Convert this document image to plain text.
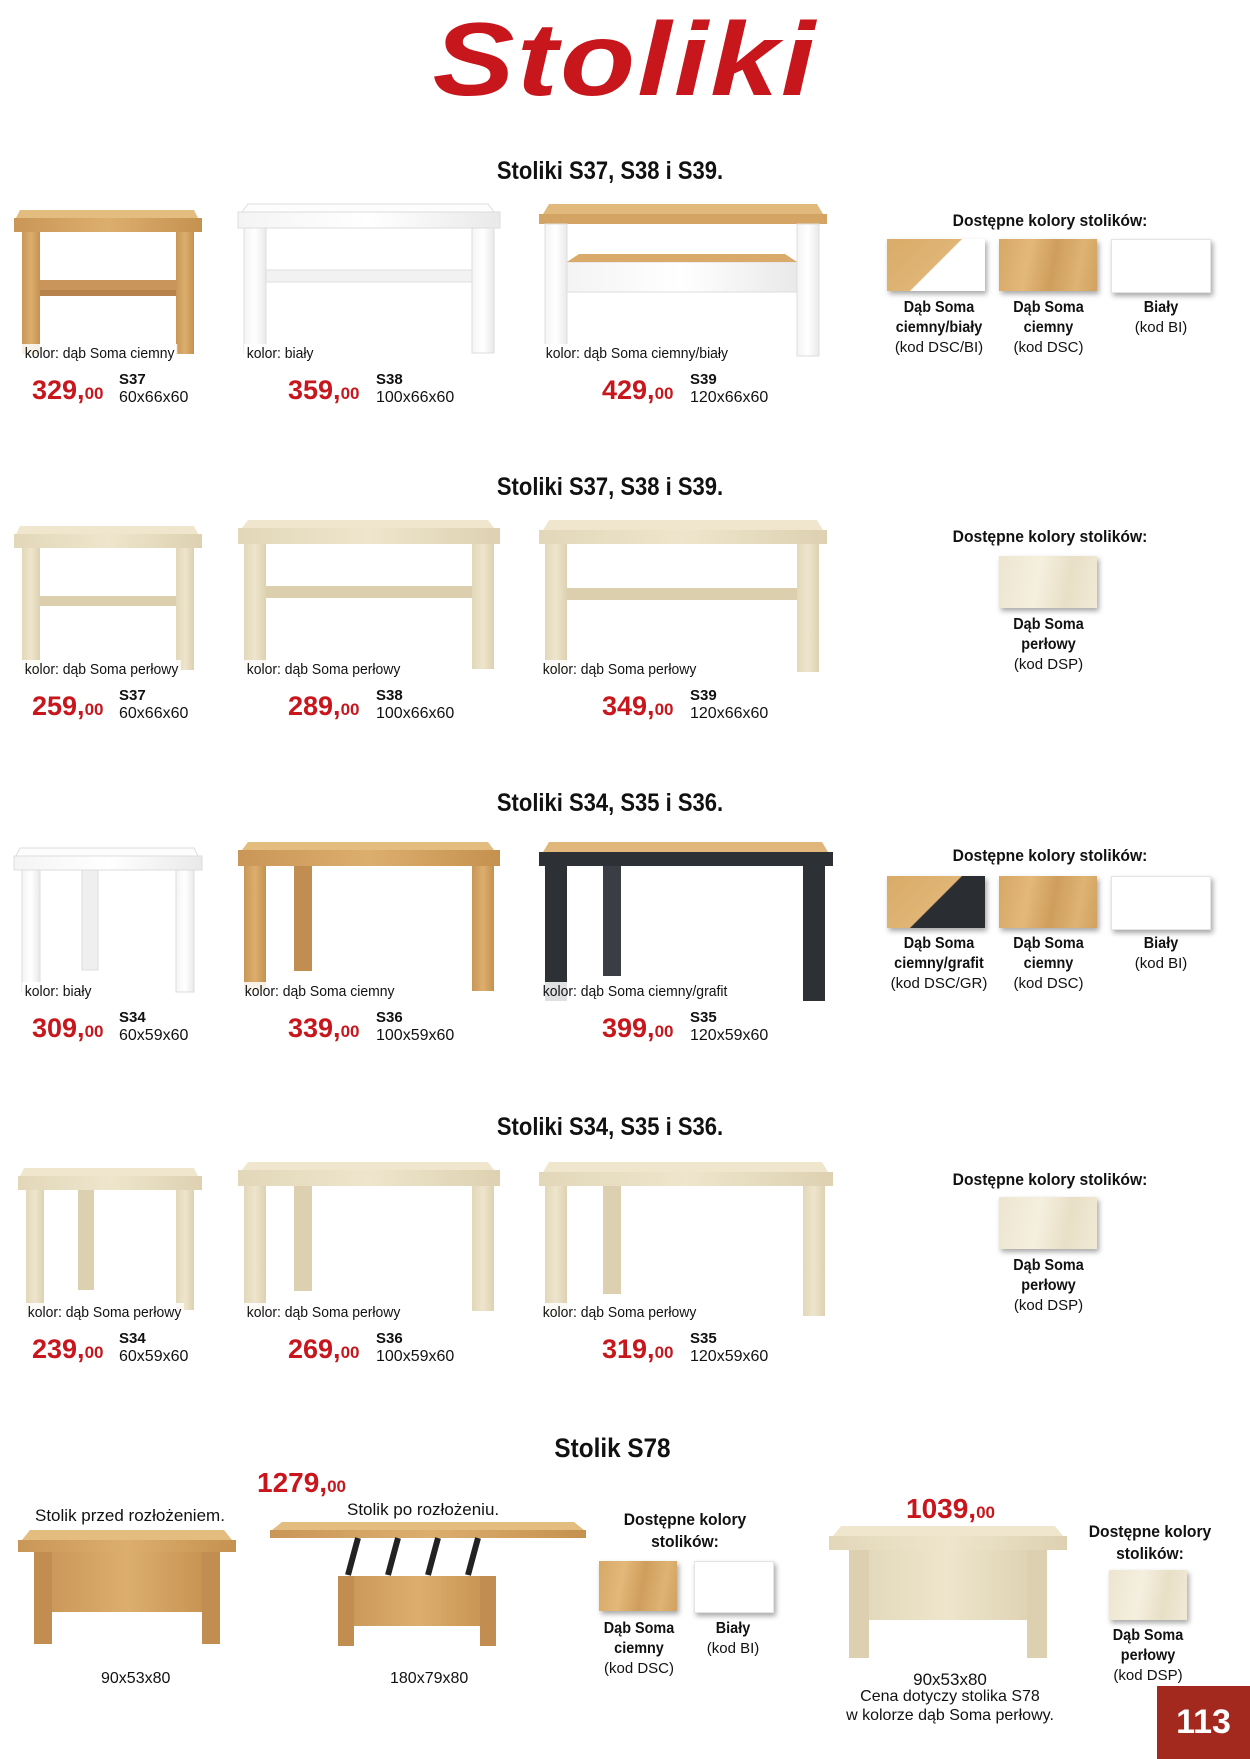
Stoliki
Stoliki S37, S38 i S39.
Dostępne kolory stolików:
Dąb Soma ciemny/biały
(kod DSC/BI)
Dąb Soma ciemny
(kod DSC)
Biały
(kod BI)
kolor: dąb Soma ciemny	kolor: biały	kolor: dąb Soma ciemny/biały
329,00
S37
60x66x60	359,00
S38
100x66x60	429,00
S39
120x66x60
Stoliki S37, S38 i S39.
Dostępne kolory stolików:
Dąb Soma perłowy
(kod DSP)
kolor: dąb Soma perłowy	kolor: dąb Soma perłowy	kolor: dąb Soma perłowy
259,00
S37
60x66x60	289,00
S38
100x66x60	349,00
S39
120x66x60
Stoliki S34, S35 i S36.
Dostępne kolory stolików:
Dąb Soma ciemny/grafit
(kod DSC/GR)
Dąb Soma ciemny
(kod DSC)
Biały
(kod BI)
kolor: biały	kolor: dąb Soma ciemny	kolor: dąb Soma ciemny/grafit
309,00
S34
60x59x60	339,00
S36
100x59x60	399,00
S35
120x59x60
Stoliki S34, S35 i S36.
Dostępne kolory stolików:
Dąb Soma perłowy
(kod DSP)
kolor: dąb Soma perłowy	kolor: dąb Soma perłowy	kolor: dąb Soma perłowy
239,00
S34
60x59x60	269,00
S36
100x59x60	319,00
S35
120x59x60
Stolik S78
1279,00
Stolik przed rozłożeniem.	Stolik po rozłożeniu.
90x53x80	180x79x80
Dostępne kolory stolików:
Dąb Soma ciemny
(kod DSC)
Biały
(kod BI)
1039,00
90x53x80
Cena dotyczy stolika S78
w kolorze dąb Soma perłowy.
Dostępne kolory stolików:
Dąb Soma perłowy
(kod DSP)
113
